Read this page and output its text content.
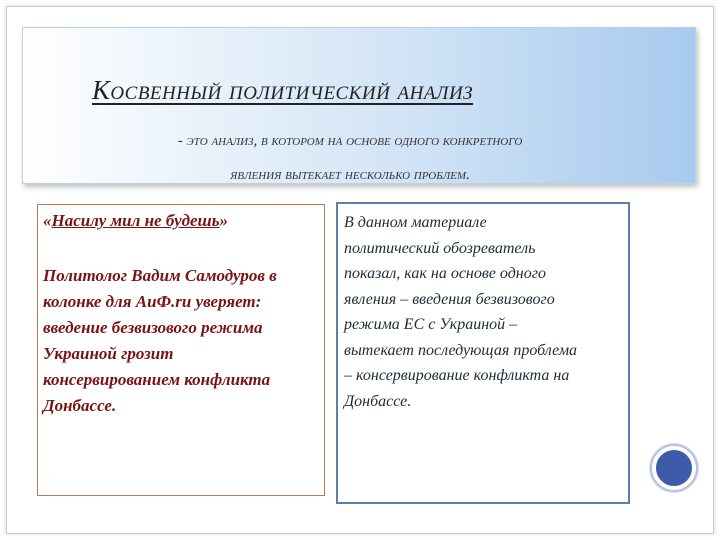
Косвенный политический анализ
- это анализ, в котором на основе одного конкретного
явления вытекает несколько проблем.
«Насилу мил не будешь»
Политолог Вадим Самодуров в
колонке для АиФ.ru уверяет:
введение безвизового режима
Украиной грозит
консервированием конфликта
Донбассе.
В данном материале
политический обозреватель
показал, как на основе одного
явления – введения безвизового
режима ЕС с Украиной –
вытекает последующая проблема
– консервирование конфликта на
Донбассе.
